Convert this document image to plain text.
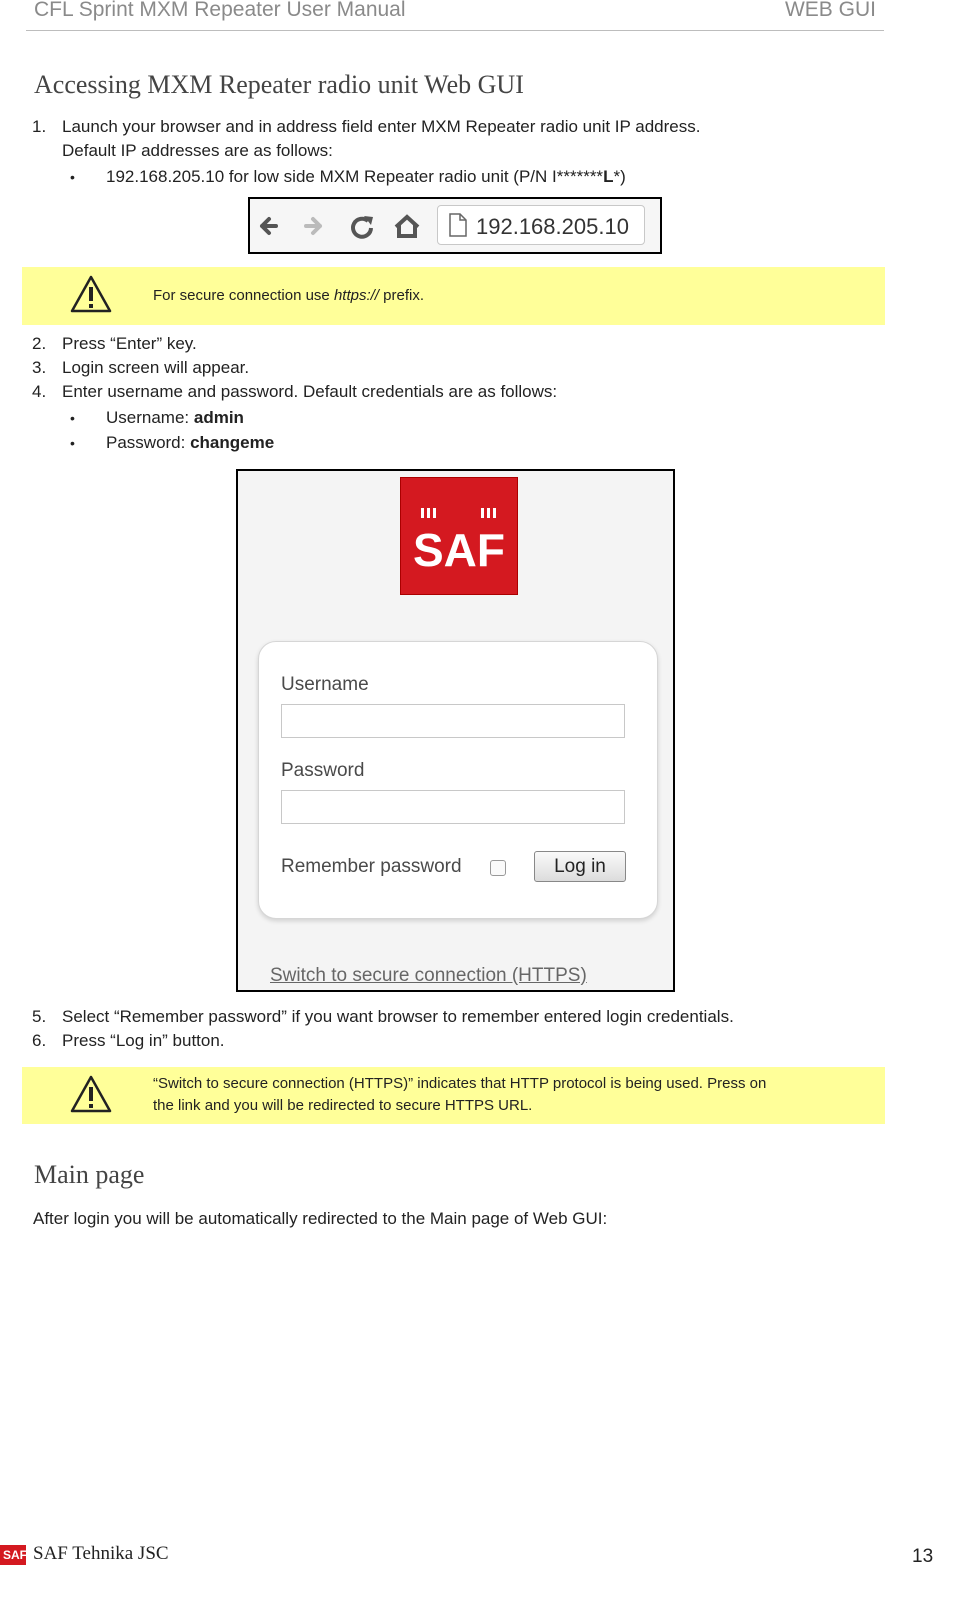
CFL Sprint MXM Repeater User Manual	WEB GUI
Accessing MXM Repeater radio unit Web GUI
1. Launch your browser and in address field enter MXM Repeater radio unit IP address.
Default IP addresses are as follows:
• 192.168.205.10 for low side MXM Repeater radio unit (P/N I*******L*)
192.168.205.10
For secure connection use https:// prefix.
2. Press “Enter” key.
3. Login screen will appear.
4. Enter username and password. Default credentials are as follows:
• Username: admin
• Password: changeme
SAF
Username
Password
Remember password	Log in
Switch to secure connection (HTTPS)
5. Select “Remember password” if you want browser to remember entered login credentials.
6. Press “Log in” button.
“Switch to secure connection (HTTPS)” indicates that HTTP protocol is being used. Press on
the link and you will be redirected to secure HTTPS URL.
Main page
After login you will be automatically redirected to the Main page of Web GUI:
SAF SAF Tehnika JSC	13
